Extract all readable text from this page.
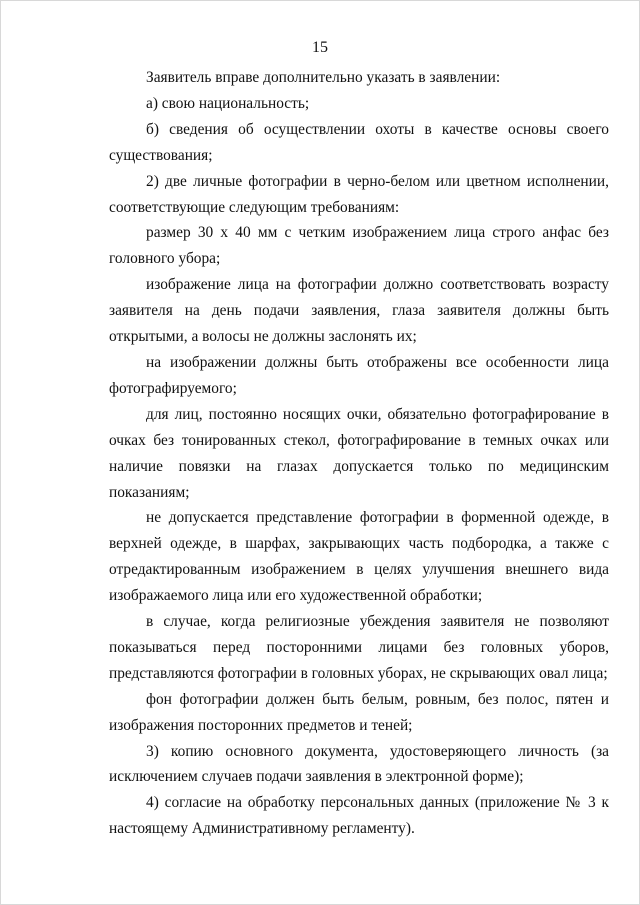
15

Заявитель вправе дополнительно указать в заявлении:

а) свою национальность;

б) сведения об осуществлении охоты в качестве основы своего существования;

2) две личные фотографии в черно-белом или цветном исполнении, соответствующие следующим требованиям:

размер 30 х 40 мм с четким изображением лица строго анфас без головного убора;

изображение лица на фотографии должно соответствовать возрасту заявителя на день подачи заявления, глаза заявителя должны быть открытыми, а волосы не должны заслонять их;

на изображении должны быть отображены все особенности лица фотографируемого;

для лиц, постоянно носящих очки, обязательно фотографирование в очках без тонированных стекол, фотографирование в темных очках или наличие повязки на глазах допускается только по медицинским показаниям;

не допускается представление фотографии в форменной одежде, в верхней одежде, в шарфах, закрывающих часть подбородка, а также с отредактированным изображением в целях улучшения внешнего вида изображаемого лица или его художественной обработки;

в случае, когда религиозные убеждения заявителя не позволяют показываться перед посторонними лицами без головных уборов, представляются фотографии в головных уборах, не скрывающих овал лица;

фон фотографии должен быть белым, ровным, без полос, пятен и изображения посторонних предметов и теней;

3) копию основного документа, удостоверяющего личность (за исключением случаев подачи заявления в электронной форме);

4) согласие на обработку персональных данных (приложение № 3 к настоящему Административному регламенту).
